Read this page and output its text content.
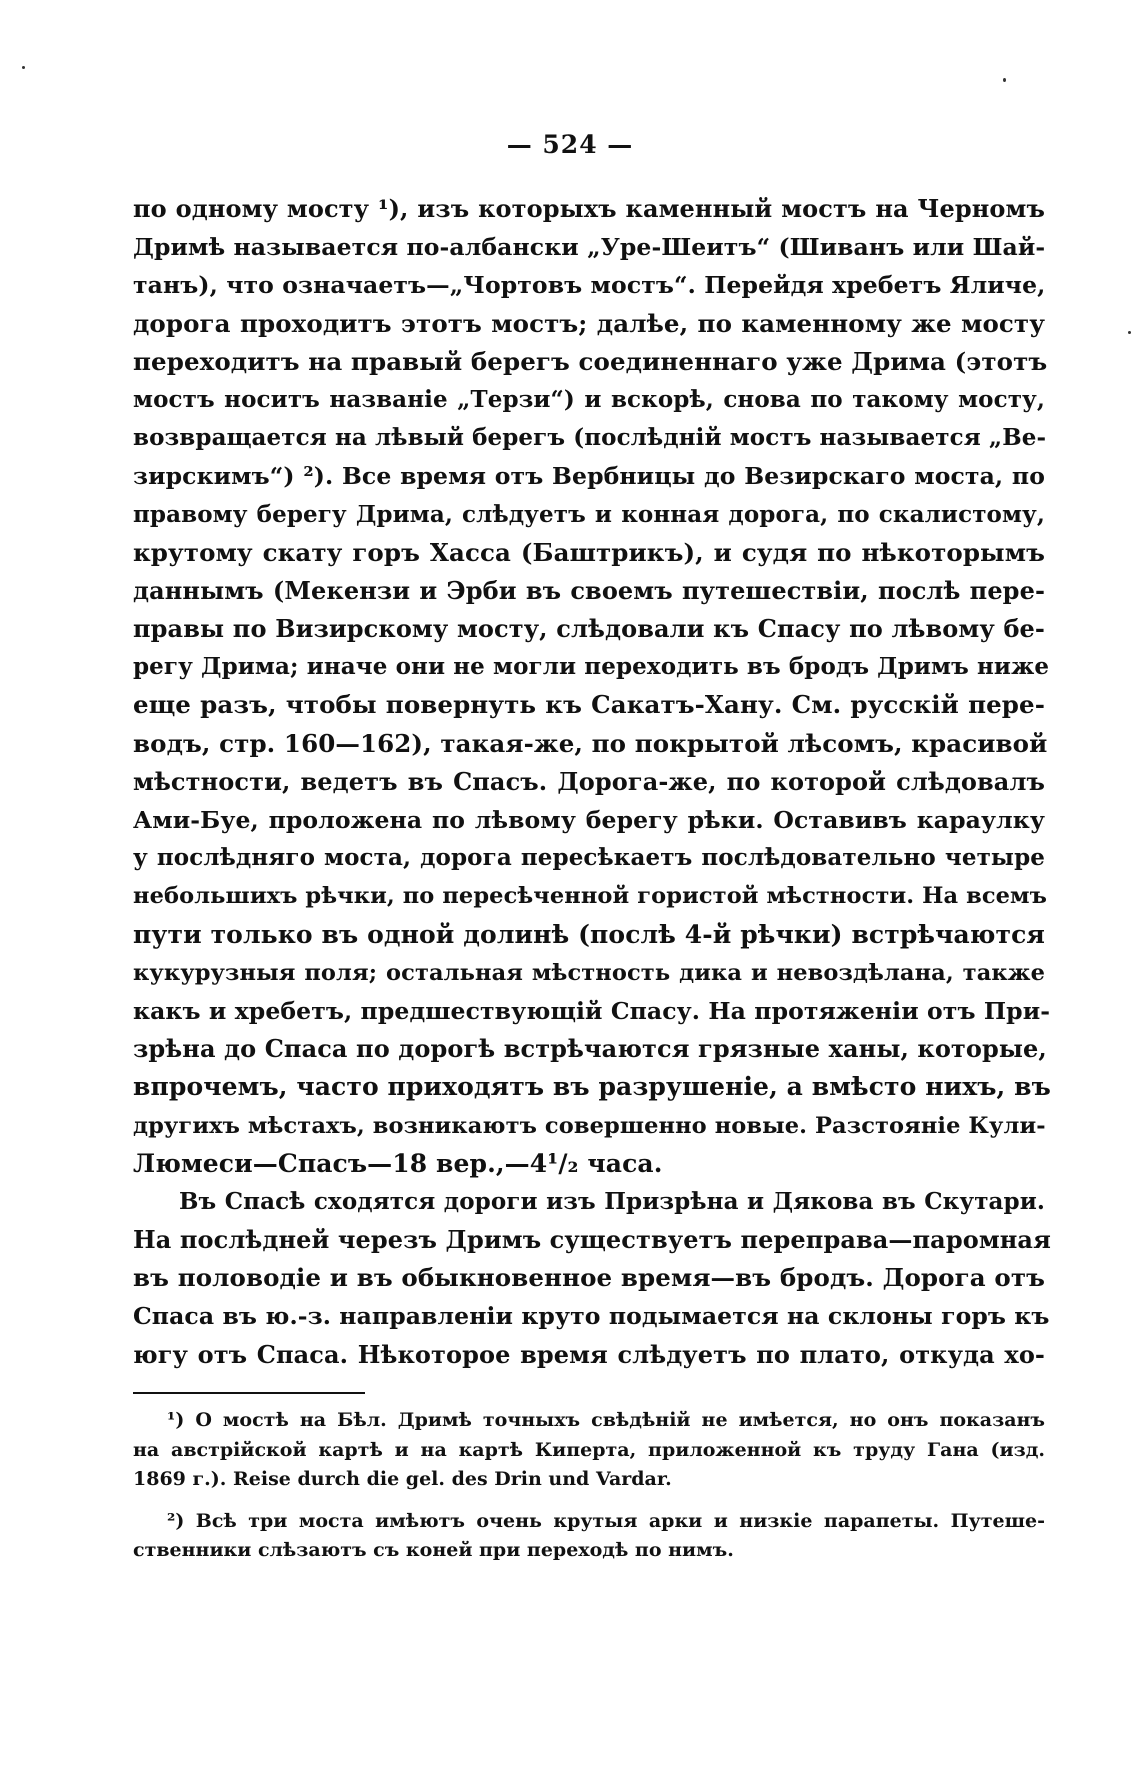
— 524 —
по одному мосту ¹), изъ которыхъ каменный мостъ на Черномъ
Дримѣ называется по-албански „Уре-Шеитъ“ (Шиванъ или Шай-
танъ), что означаетъ—„Чортовъ мостъ“. Перейдя хребетъ Яличе,
дорога проходитъ этотъ мостъ; далѣе, по каменному же мосту
переходитъ на правый берегъ соединеннаго уже Дрима (этотъ
мостъ носитъ названіе „Терзи“) и вскорѣ, снова по такому мосту,
возвращается на лѣвый берегъ (послѣдній мостъ называется „Ве-
зирскимъ“) ²). Все время отъ Вербницы до Везирскаго моста, по
правому берегу Дрима, слѣдуетъ и конная дорога, по скалистому,
крутому скату горъ Хасса (Баштрикъ), и судя по нѣкоторымъ
даннымъ (Мекензи и Эрби въ своемъ путешествіи, послѣ пере-
правы по Визирскому мосту, слѣдовали къ Спасу по лѣвому бе-
регу Дрима; иначе они не могли переходить въ бродъ Дримъ ниже
еще разъ, чтобы повернуть къ Сакатъ-Хану. См. русскій пере-
водъ, стр. 160—162), такая-же, по покрытой лѣсомъ, красивой
мѣстности, ведетъ въ Спасъ. Дорога-же, по которой слѣдовалъ
Ами-Буе, проложена по лѣвому берегу рѣки. Оставивъ караулку
у послѣдняго моста, дорога пересѣкаетъ послѣдовательно четыре
небольшихъ рѣчки, по пересѣченной гористой мѣстности. На всемъ
пути только въ одной долинѣ (послѣ 4-й рѣчки) встрѣчаются
кукурузныя поля; остальная мѣстность дика и невоздѣлана, также
какъ и хребетъ, предшествующій Спасу. На протяженіи отъ При-
зрѣна до Спаса по дорогѣ встрѣчаются грязные ханы, которые,
впрочемъ, часто приходятъ въ разрушеніе, а вмѣсто нихъ, въ
другихъ мѣстахъ, возникаютъ совершенно новые. Разстояніе Кули-
Люмеси—Спасъ—18 вер.,—4¹/₂ часа.
Въ Спасѣ сходятся дороги изъ Призрѣна и Дякова въ Скутари.
На послѣдней черезъ Дримъ существуетъ переправа—паромная
въ половодіе и въ обыкновенное время—въ бродъ. Дорога отъ
Спаса въ ю.-з. направленіи круто подымается на склоны горъ къ
югу отъ Спаса. Нѣкоторое время слѣдуетъ по плато, откуда хо-
¹) О мостѣ на Бѣл. Дримѣ точныхъ свѣдѣній не имѣется, но онъ показанъ
на австрійской картѣ и на картѣ Киперта, приложенной къ труду Гана (изд.
1869 г.). Reise durch die gel. des Drin und Vardar.
²) Всѣ три моста имѣютъ очень крутыя арки и низкіе парапеты. Путеше-
ственники слѣзаютъ съ коней при переходѣ по нимъ.
